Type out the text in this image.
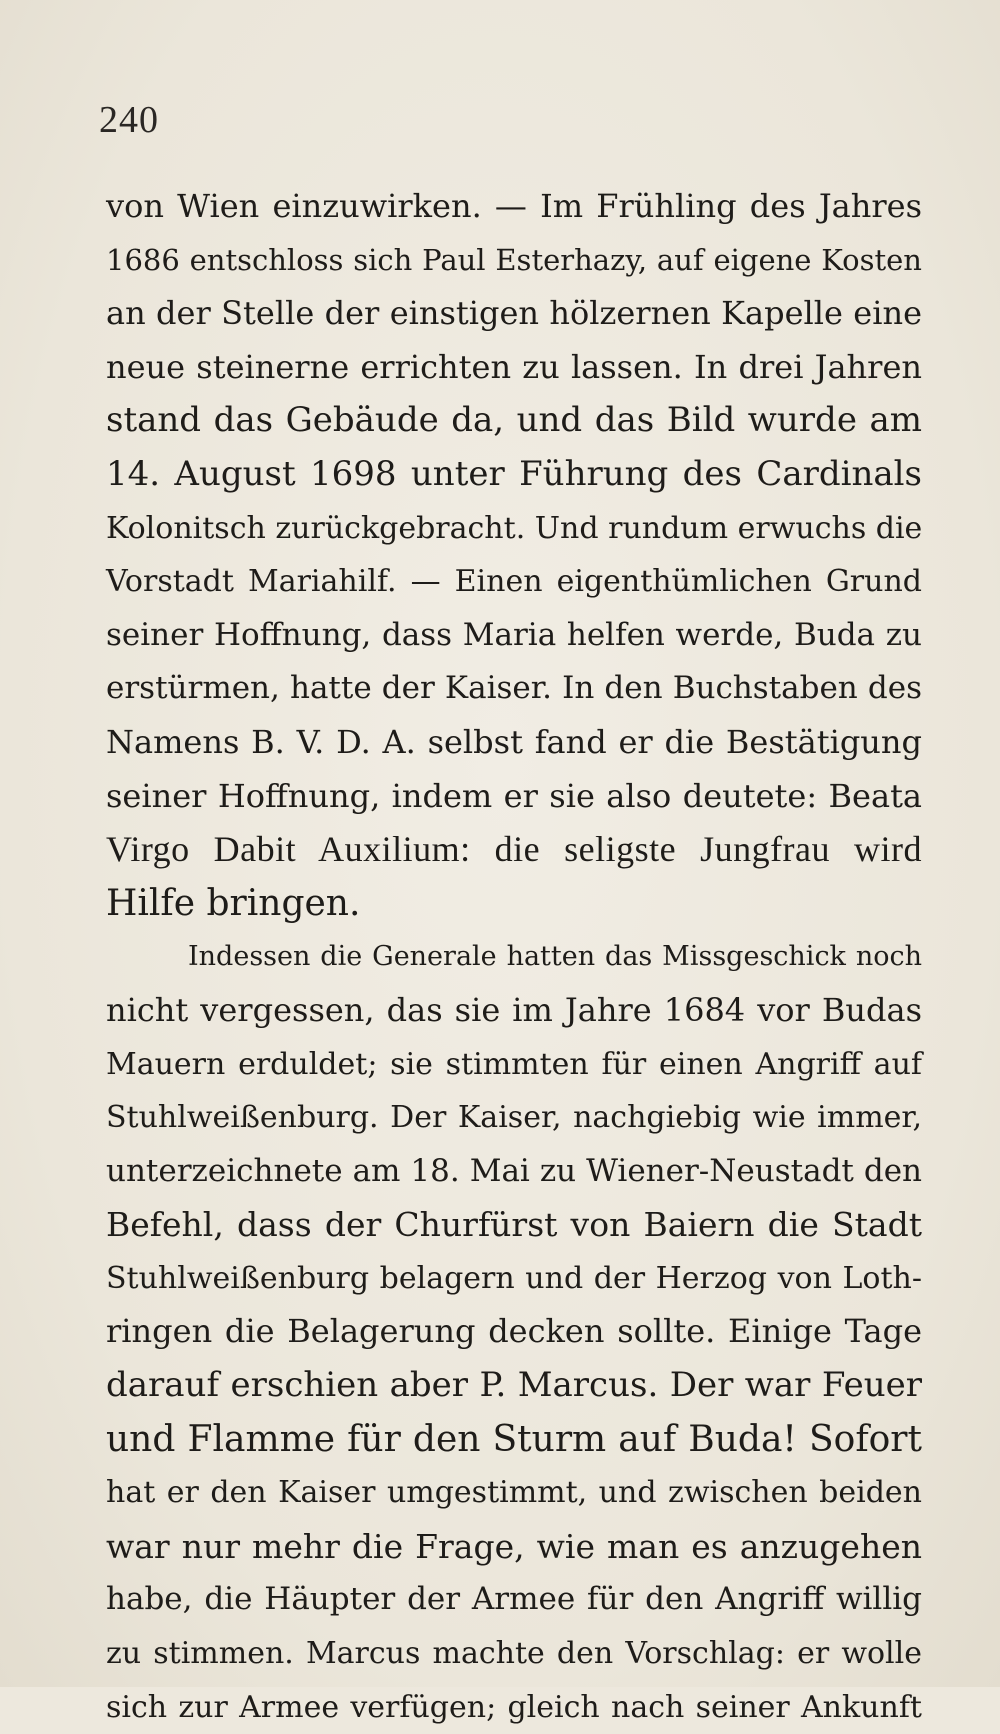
240
von Wien einzuwirken. — Im Frühling des Jahres
1686 entschloss sich Paul Esterhazy, auf eigene Kosten
an der Stelle der einstigen hölzernen Kapelle eine
neue steinerne errichten zu lassen. In drei Jahren
stand das Gebäude da, und das Bild wurde am
14. August 1698 unter Führung des Cardinals
Kolonitsch zurückgebracht. Und rundum erwuchs die
Vorstadt Mariahilf. — Einen eigenthümlichen Grund
seiner Hoffnung, dass Maria helfen werde, Buda zu
erstürmen, hatte der Kaiser. In den Buchstaben des
Namens B. V. D. A. selbst fand er die Bestätigung
seiner Hoffnung, indem er sie also deutete: Beata
Virgo Dabit Auxilium: die seligste Jungfrau wird
Hilfe bringen.
Indessen die Generale hatten das Missgeschick noch
nicht vergessen, das sie im Jahre 1684 vor Budas
Mauern erduldet; sie stimmten für einen Angriff auf
Stuhlweißenburg. Der Kaiser, nachgiebig wie immer,
unterzeichnete am 18. Mai zu Wiener-Neustadt den
Befehl, dass der Churfürst von Baiern die Stadt
Stuhlweißenburg belagern und der Herzog von Loth-
ringen die Belagerung decken sollte. Einige Tage
darauf erschien aber P. Marcus. Der war Feuer
und Flamme für den Sturm auf Buda! Sofort
hat er den Kaiser umgestimmt, und zwischen beiden
war nur mehr die Frage, wie man es anzugehen
habe, die Häupter der Armee für den Angriff willig
zu stimmen. Marcus machte den Vorschlag: er wolle
sich zur Armee verfügen; gleich nach seiner Ankunft
